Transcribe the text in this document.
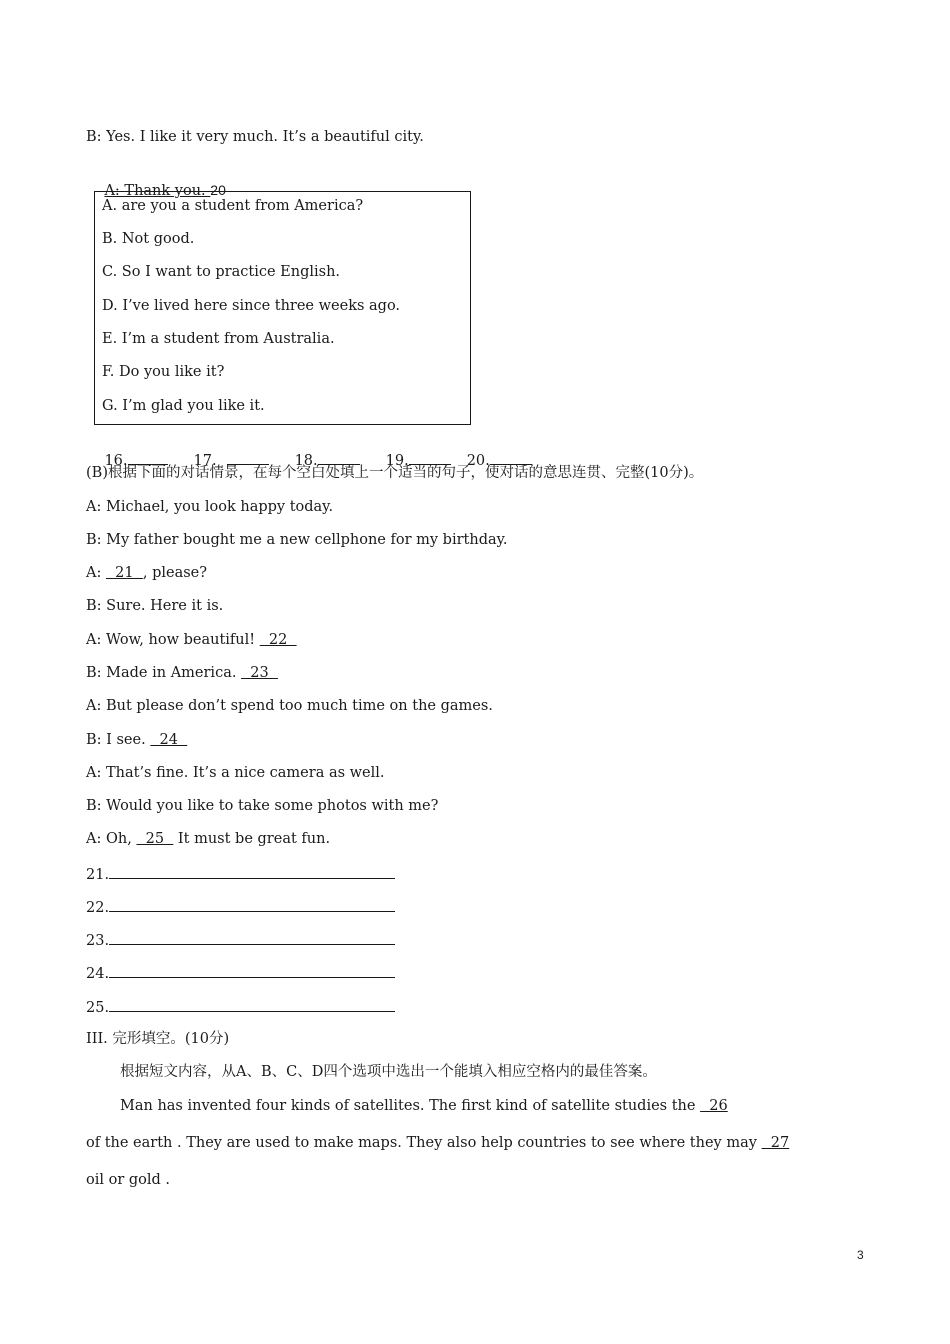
B: Yes. I like it very much. It’s a beautiful city.

A: Thank you. 20

A. are you a student from America?
B. Not good.
C. So I want to practice English.
D. I’ve lived here since three weeks ago.
E. I’m a student from Australia.
F. Do you like it?
G. I’m glad you like it.

16.	17.	18.	19.	20.

(B)根据下面的对话情景，在每个空白处填上一个适当的句子，使对话的意思连贯、完整(10分)。
A: Michael, you look happy today.
B: My father bought me a new cellphone for my birthday.
A:   21  , please?
B: Sure. Here it is.
A: Wow, how beautiful!   22
B: Made in America.   23
A: But please don’t spend too much time on the games.
B: I see.   24
A: That’s fine. It’s a nice camera as well.
B: Would you like to take some photos with me?
A: Oh,   25   It must be great fun.
21.
22.
23.
24.
25.
III. 完形填空。(10分)
根据短文内容，从A、B、C、D四个选项中选出一个能填入相应空格内的最佳答案。
Man has invented four kinds of satellites. The first kind of satellite studies the   26
of the earth . They are used to make maps. They also help countries to see where they may   27
oil or gold .
3
